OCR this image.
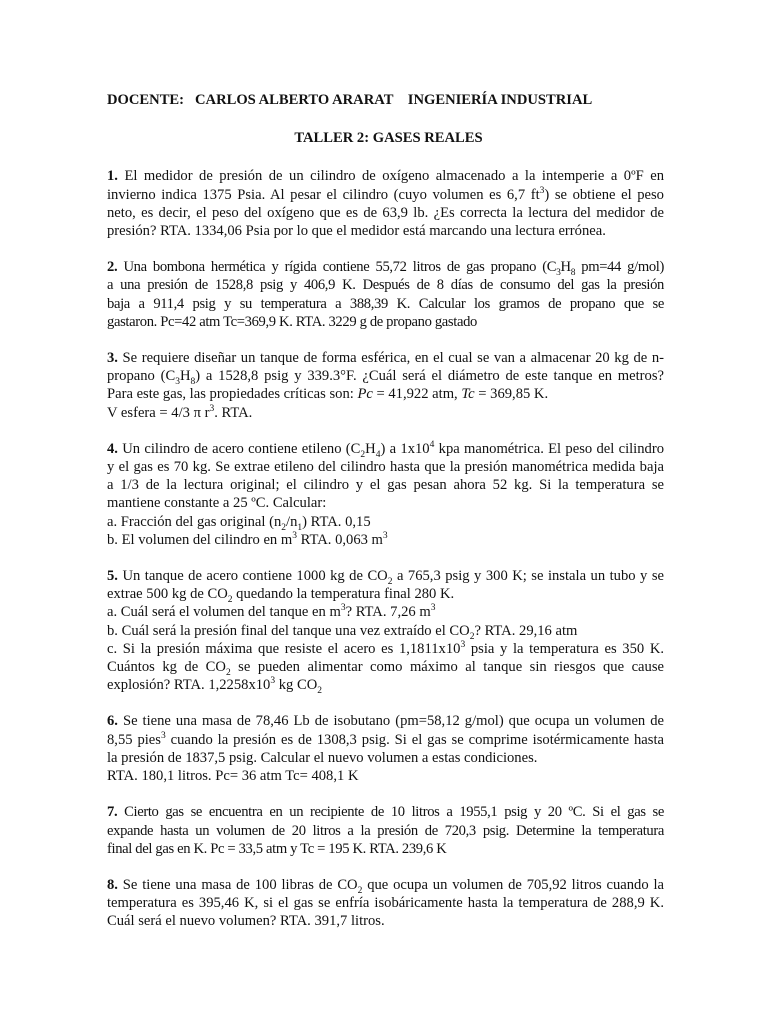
DOCENTE: CARLOS ALBERTO ARARAT INGENIERÍA INDUSTRIAL
TALLER 2: GASES REALES
1. El medidor de presión de un cilindro de oxígeno almacenado a la intemperie a 0ºF en
invierno indica 1375 Psia. Al pesar el cilindro (cuyo volumen es 6,7 $ft^3$) se obtiene el peso
neto, es decir, el peso del oxígeno que es de 63,9 lb. ¿Es correcta la lectura del medidor de
presión? RTA. 1334,06 Psia por lo que el medidor está marcando una lectura errónea.
2. Una bombona hermética y rígida contiene 55,72 litros de gas propano ($C_3H_8$ pm=44 g/mol)
a una presión de 1528,8 psig y 406,9 K. Después de 8 días de consumo del gas la presión
baja a 911,4 psig y su temperatura a 388,39 K. Calcular los gramos de propano que se
gastaron. Pc=42 atm Tc=369,9 K. RTA. 3229 g de propano gastado
3. Se requiere diseñar un tanque de forma esférica, en el cual se van a almacenar 20 kg de n-
propano $(C_3H_8)$ a 1528,8 psig y 339.3°F. ¿Cuál será el diámetro de este tanque en metros?
Para este gas, las propiedades críticas son: Pc = 41,922 atm, Tc = 369,85 K.
V esfera = 4/3 π $r^3$. RTA.
4. Un cilindro de acero contiene etileno $(C_2H_4)$ a $1x10^4$ kpa manométrica. El peso del cilindro
y el gas es 70 kg. Se extrae etileno del cilindro hasta que la presión manométrica medida baja
a 1/3 de la lectura original; el cilindro y el gas pesan ahora 52 kg. Si la temperatura se
mantiene constante a 25 ºC. Calcular:
a. Fracción del gas original $(n_2/n_1)$ RTA. 0,15
b. El volumen del cilindro en $m^3$ RTA. 0,063 $m^3$
5. Un tanque de acero contiene 1000 kg de $CO_2$ a 765,3 psig y 300 K; se instala un tubo y se
extrae 500 kg de $CO_2$ quedando la temperatura final 280 K.
a. Cuál será el volumen del tanque en $m^3$? RTA. 7,26 $m^3$
b. Cuál será la presión final del tanque una vez extraído el $CO_2$? RTA. 29,16 atm
c. Si la presión máxima que resiste el acero es $1,1811x10^3$ psia y la temperatura es 350 K.
Cuántos kg de $CO_2$ se pueden alimentar como máximo al tanque sin riesgos que cause
explosión? RTA. $1,2258x10^3$ kg $CO_2$
6. Se tiene una masa de 78,46 Lb de isobutano (pm=58,12 g/mol) que ocupa un volumen de
8,55 pies$^3$ cuando la presión es de 1308,3 psig. Si el gas se comprime isotérmicamente hasta
la presión de 1837,5 psig. Calcular el nuevo volumen a estas condiciones.
RTA. 180,1 litros. Pc= 36 atm Tc= 408,1 K
7. Cierto gas se encuentra en un recipiente de 10 litros a 1955,1 psig y 20 ºC. Si el gas se
expande hasta un volumen de 20 litros a la presión de 720,3 psig. Determine la temperatura
final del gas en K. Pc = 33,5 atm y Tc = 195 K. RTA. 239,6 K
8. Se tiene una masa de 100 libras de $CO_2$ que ocupa un volumen de 705,92 litros cuando la
temperatura es 395,46 K, si el gas se enfría isobáricamente hasta la temperatura de 288,9 K.
Cuál será el nuevo volumen? RTA. 391,7 litros.
